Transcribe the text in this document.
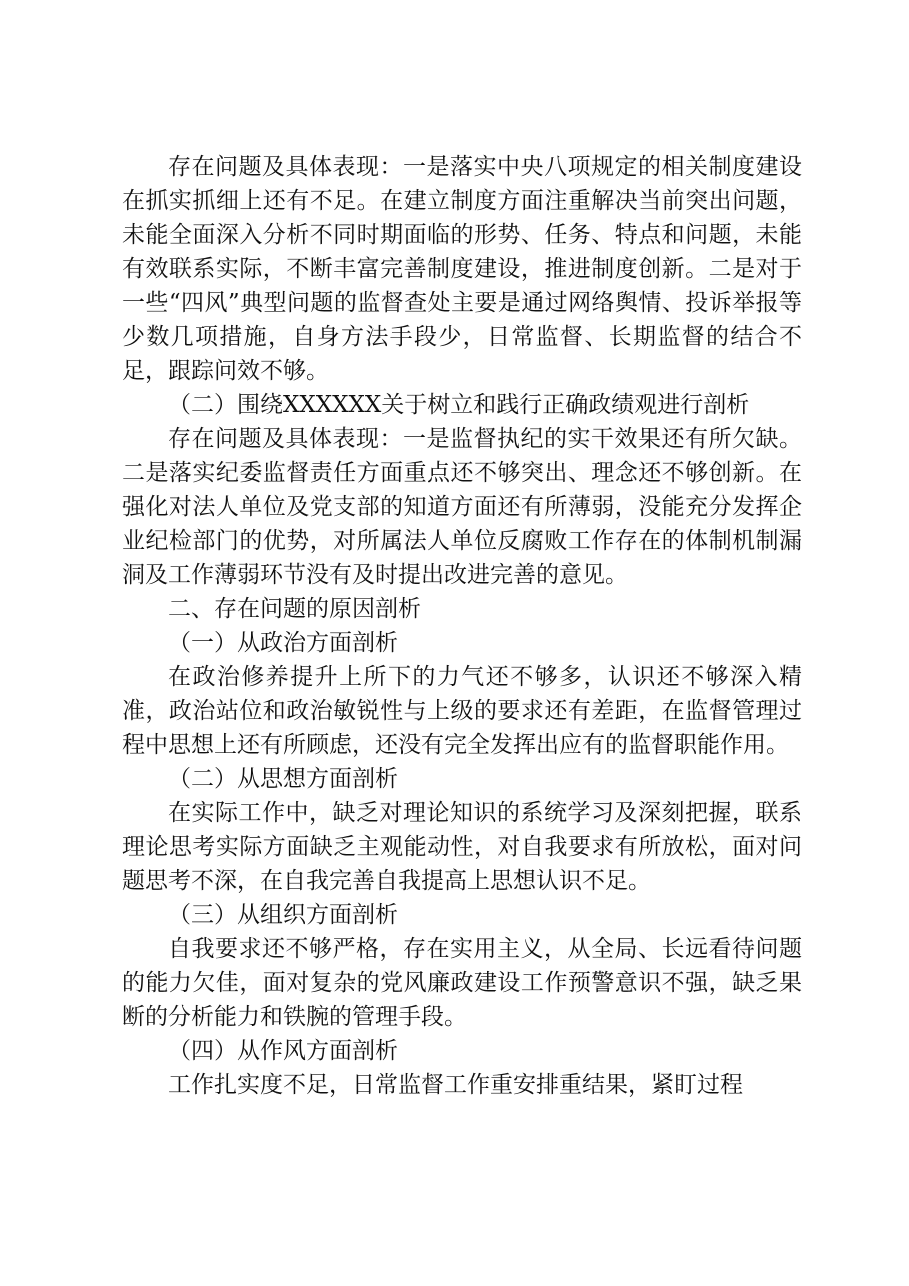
存在问题及具体表现：一是落实中央八项规定的相关制度建设在抓实抓细上还有不足。在建立制度方面注重解决当前突出问题，未能全面深入分析不同时期面临的形势、任务、特点和问题，未能有效联系实际，不断丰富完善制度建设，推进制度创新。二是对于一些“四风”典型问题的监督查处主要是通过网络舆情、投诉举报等少数几项措施，自身方法手段少，日常监督、长期监督的结合不足，跟踪问效不够。

（二）围绕XXXXXX关于树立和践行正确政绩观进行剖析

存在问题及具体表现：一是监督执纪的实干效果还有所欠缺。二是落实纪委监督责任方面重点还不够突出、理念还不够创新。在强化对法人单位及党支部的知道方面还有所薄弱，没能充分发挥企业纪检部门的优势，对所属法人单位反腐败工作存在的体制机制漏洞及工作薄弱环节没有及时提出改进完善的意见。

二、存在问题的原因剖析

（一）从政治方面剖析

在政治修养提升上所下的力气还不够多，认识还不够深入精准，政治站位和政治敏锐性与上级的要求还有差距，在监督管理过程中思想上还有所顾虑，还没有完全发挥出应有的监督职能作用。

（二）从思想方面剖析

在实际工作中，缺乏对理论知识的系统学习及深刻把握，联系理论思考实际方面缺乏主观能动性，对自我要求有所放松，面对问题思考不深，在自我完善自我提高上思想认识不足。

（三）从组织方面剖析

自我要求还不够严格，存在实用主义，从全局、长远看待问题的能力欠佳，面对复杂的党风廉政建设工作预警意识不强，缺乏果断的分析能力和铁腕的管理手段。

（四）从作风方面剖析

工作扎实度不足，日常监督工作重安排重结果，紧盯过程
